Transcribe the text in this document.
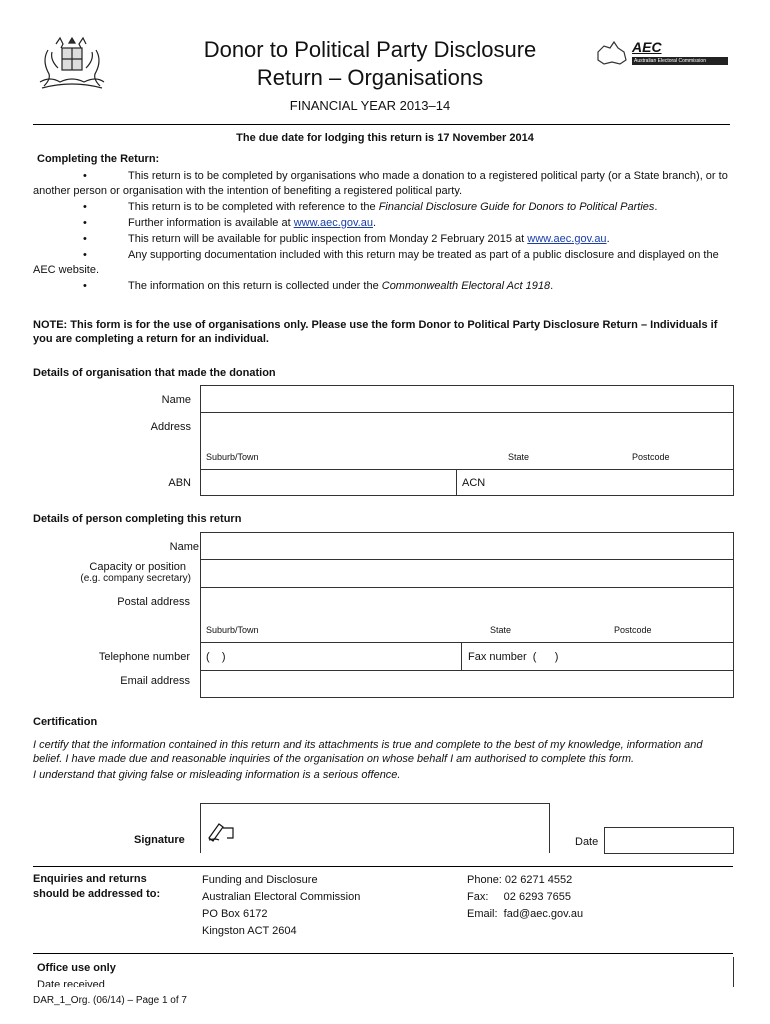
Donor to Political Party Disclosure
Return – Organisations
FINANCIAL YEAR 2013–14
AEC
Australian Electoral Commission
The due date for lodging this return is 17 November 2014
Completing the Return:
•	This return is to be completed by organisations who made a donation to a registered political party (or a State branch), or to another person or organisation with the intention of benefiting a registered political party.
•	This return is to be completed with reference to the Financial Disclosure Guide for Donors to Political Parties.
•	Further information is available at www.aec.gov.au.
•	This return will be available for public inspection from Monday 2 February 2015 at www.aec.gov.au.
•	Any supporting documentation included with this return may be treated as part of a public disclosure and displayed on the AEC website.
•	The information on this return is collected under the Commonwealth Electoral Act 1918.
NOTE: This form is for the use of organisations only. Please use the form Donor to Political Party Disclosure Return – Individuals if you are completing a return for an individual.
Details of organisation that made the donation
Name
Address
Suburb/Town	State	Postcode
ABN	ACN
Details of person completing this return
Name
Capacity or position
(e.g. company secretary)
Postal address
Suburb/Town	State	Postcode
Telephone number (    )	Fax number  (      )
Email address
Certification
I certify that the information contained in this return and its attachments is true and complete to the best of my knowledge, information and belief. I have made due and reasonable inquiries of the organisation on whose behalf I am authorised to complete this form.
I understand that giving false or misleading information is a serious offence.
Signature	Date
Enquiries and returns
should be addressed to:
Funding and Disclosure
Australian Electoral Commission
PO Box 6172
Kingston ACT 2604
Phone: 02 6271 4552
Fax:     02 6293 7655
Email:  fad@aec.gov.au
Office use only
Date received
DAR_1_Org. (06/14) – Page 1 of 7
